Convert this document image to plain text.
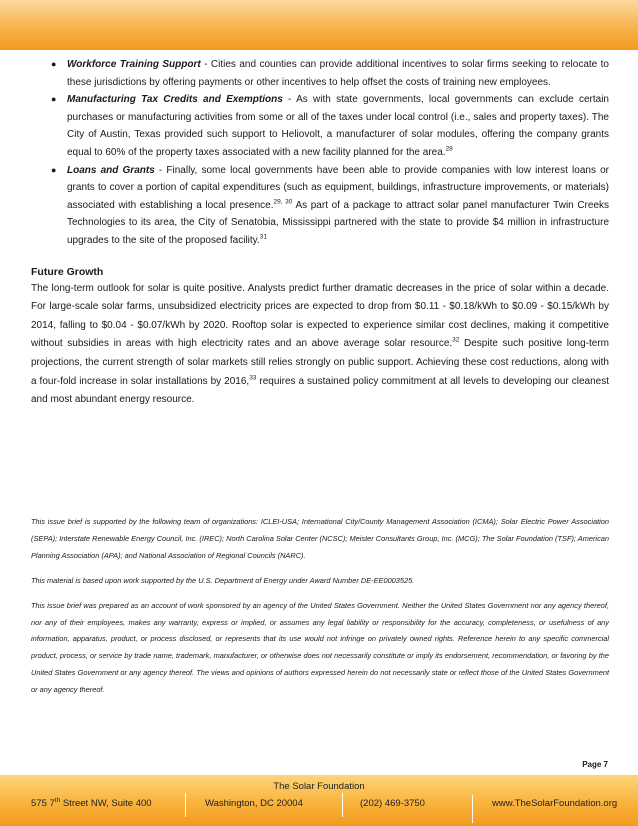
● Workforce Training Support - Cities and counties can provide additional incentives to solar firms seeking to relocate to these jurisdictions by offering payments or other incentives to help offset the costs of training new employees.
● Manufacturing Tax Credits and Exemptions - As with state governments, local governments can exclude certain purchases or manufacturing activities from some or all of the taxes under local control (i.e., sales and property taxes). The City of Austin, Texas provided such support to Heliovolt, a manufacturer of solar modules, offering the company grants equal to 60% of the property taxes associated with a new facility planned for the area.$^{28}$
● Loans and Grants - Finally, some local governments have been able to provide companies with low interest loans or grants to cover a portion of capital expenditures (such as equipment, buildings, infrastructure improvements, or materials) associated with establishing a local presence.$^{29, 30}$ As part of a package to attract solar panel manufacturer Twin Creeks Technologies to its area, the City of Senatobia, Mississippi partnered with the state to provide $4 million in infrastructure upgrades to the site of the proposed facility.$^{31}$
Future Growth

The long-term outlook for solar is quite positive. Analysts predict further dramatic decreases in the price of solar within a decade. For large-scale solar farms, unsubsidized electricity prices are expected to drop from $0.11 - $0.18/kWh to $0.09 - $0.15/kWh by 2014, falling to $0.04 - $0.07/kWh by 2020. Rooftop solar is expected to experience similar cost declines, making it competitive without subsidies in areas with high electricity rates and an above average solar resource.$^{32}$ Despite such positive long-term projections, the current strength of solar markets still relies strongly on public support. Achieving these cost reductions, along with a four-fold increase in solar installations by 2016,33 requires a sustained policy commitment at all levels to developing our cleanest and most abundant energy resource.

This issue brief is supported by the following team of organizations: ICLEI-USA; International City/County Management Association (ICMA); Solar Electric Power Association (SEPA); Interstate Renewable Energy Council, Inc. (IREC); North Carolina Solar Center (NCSC); Meister Consultants Group, Inc. (MCG); The Solar Foundation (TSF); American Planning Association (APA); and National Association of Regional Councils (NARC).

This material is based upon work supported by the U.S. Department of Energy under Award Number DE-EE0003525.

This issue brief was prepared as an account of work sponsored by an agency of the United States Government. Neither the United States Government nor any agency thereof, nor any of their employees, makes any warranty, express or implied, or assumes any legal liability or responsibility for the accuracy, completeness, or usefulness of any information, apparatus, product, or process disclosed, or represents that its use would not infringe on privately owned rights. Reference herein to any specific commercial product, process, or service by trade name, trademark, manufacturer, or otherwise does not necessarily constitute or imply its endorsement, recommendation, or favoring by the United States Government or any agency thereof. The views and opinions of authors expressed herein do not necessarily state or reflect those of the United States Government or any agency thereof.

Page 7
The Solar Foundation
575 7th Street NW, Suite 400	Washington, DC 20004	(202) 469-3750	www.TheSolarFoundation.org
